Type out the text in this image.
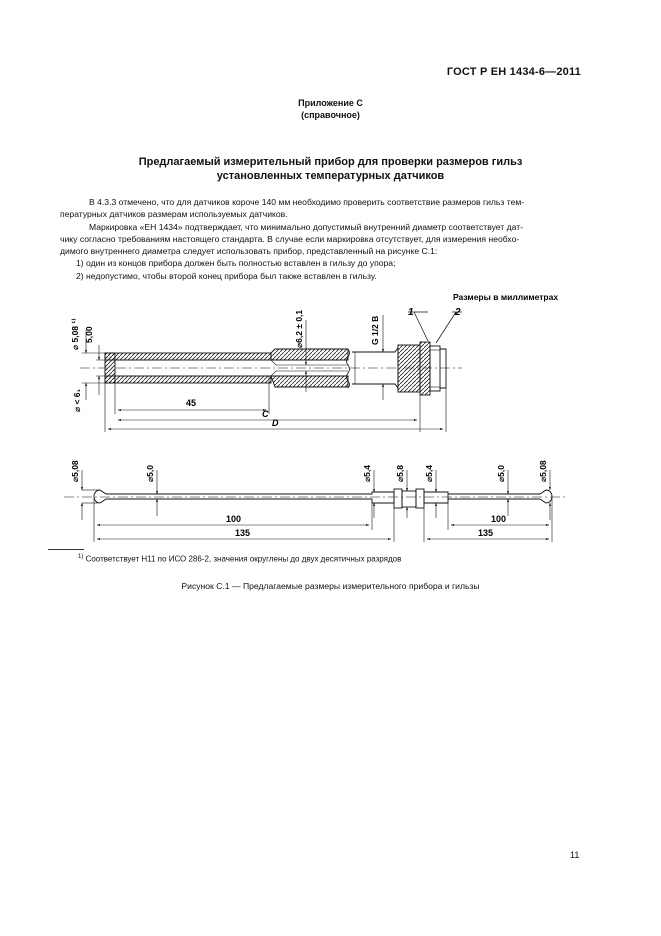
ГОСТ Р ЕН 1434-6—2011
Приложение С
(справочное)
Предлагаемый измерительный прибор для проверки размеров гильз
установленных температурных датчиков
В 4.3.3 отмечено, что для датчиков короче 140 мм необходимо проверить соответствие размеров гильз тем-
пературных датчиков размерам используемых датчиков.
Маркировка «ЕН 1434» подтверждает, что минимально допустимый внутренний диаметр соответствует дат-
чику согласно требованиям настоящего стандарта. В случае если маркировка отсутствует, для измерения необхо-
димого внутреннего диаметра следует использовать прибор, представленный на рисунке С.1:
1) один из концов прибора должен быть полностью вставлен в гильзу до упора;
2) недопустимо, чтобы второй конец прибора был также вставлен в гильзу.
Размеры в миллиметрах
1	2
⌀ 5,08 ¹⁾ 5,00
⌀ < 6₁
⌀6,2 ± 0,1	G 1/2 B
45
C
D
⌀5,08	⌀5,0	⌀5,4	⌀5,8 ⌀5,4	⌀5,0	⌀5,08
100
135
100
135
$^{1)}$ Соответствует Н11 по ИСО 286-2, значения округлены до двух десятичных разрядов
Рисунок С.1 — Предлагаемые размеры измерительного прибора и гильзы
11
